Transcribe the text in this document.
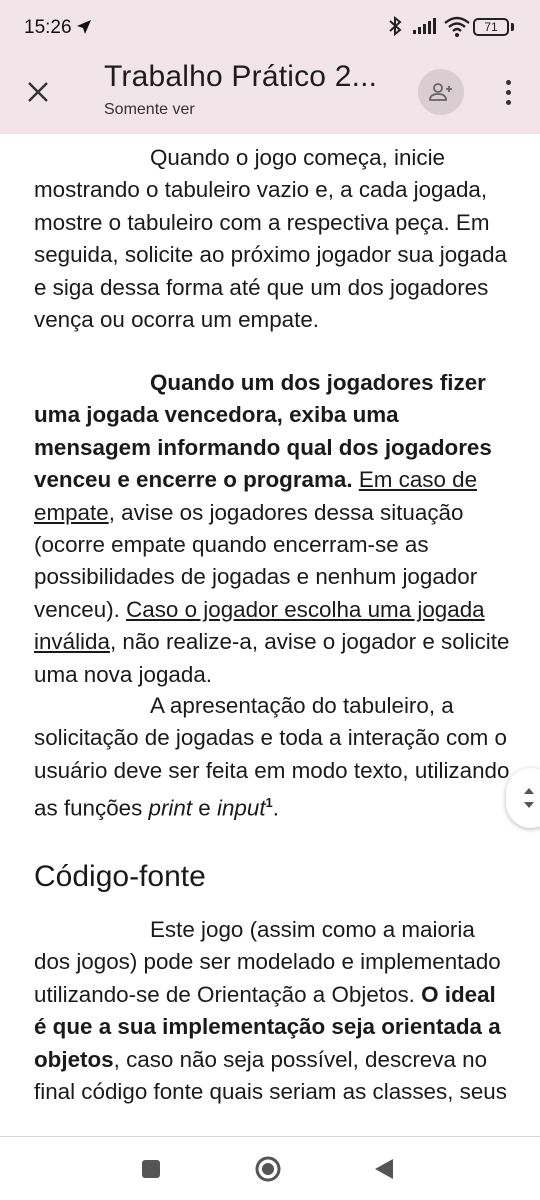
15:26	71
Trabalho Prático 2...
Somente ver

Quando o jogo começa, inicie mostrando o tabuleiro vazio e, a cada jogada, mostre o tabuleiro com a respectiva peça. Em seguida, solicite ao próximo jogador sua jogada e siga dessa forma até que um dos jogadores vença ou ocorra um empate.

Quando um dos jogadores fizer uma jogada vencedora, exiba uma mensagem informando qual dos jogadores venceu e encerre o programa. Em caso de empate, avise os jogadores dessa situação (ocorre empate quando encerram-se as possibilidades de jogadas e nenhum jogador venceu). Caso o jogador escolha uma jogada inválida, não realize-a, avise o jogador e solicite uma nova jogada.

A apresentação do tabuleiro, a solicitação de jogadas e toda a interação com o usuário deve ser feita em modo texto, utilizando as funções print e input$^1$.

Código-fonte

Este jogo (assim como a maioria dos jogos) pode ser modelado e implementado utilizando-se de Orientação a Objetos. O ideal é que a sua implementação seja orientada a objetos, caso não seja possível, descreva no final código fonte quais seriam as classes, seus
